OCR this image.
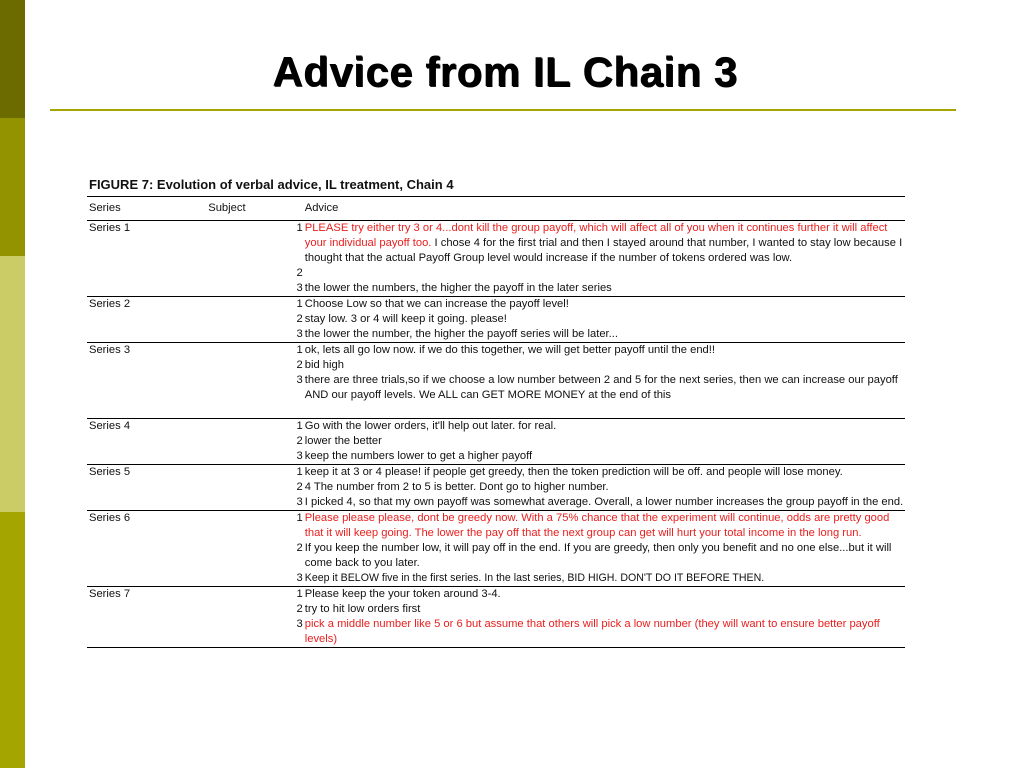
Advice from IL Chain 3
FIGURE 7: Evolution of verbal advice, IL treatment, Chain 4
Series	Subject	Advice
Series 1	1	PLEASE try either try 3 or 4...dont kill the group payoff, which will affect all of you when it continues further it will affect your individual payoff too. I chose 4 for the first trial and then I stayed around that number, I wanted to stay low because I thought that the actual Payoff Group level would increase if the number of tokens ordered was low.
	2	
	3	the lower the numbers, the higher the payoff in the later series
Series 2	1	Choose Low so that we can increase the payoff level!
	2	stay low. 3 or 4 will keep it going. please!
	3	the lower the number, the higher the payoff series will be later...
Series 3	1	ok, lets all go low now. if we do this together, we will get better payoff until the end!!
	2	bid high
	3	there are three trials,so if we choose a low number between 2 and 5 for the next series, then we can increase our payoff AND our payoff levels. We ALL can GET MORE MONEY at the end of this

Series 4	1	Go with the lower orders, it'll help out later. for real.
	2	lower the better
	3	keep the numbers lower to get a higher payoff
Series 5	1	keep it at 3 or 4 please! if people get greedy, then the token prediction will be off. and people will lose money.
	2	4 The number from 2 to 5 is better. Dont go to higher number.
	3	I picked 4, so that my own payoff was somewhat average. Overall, a lower number increases the group payoff in the end.
Series 6	1	Please please please, dont be greedy now. With a 75% chance that the experiment will continue, odds are pretty good that it will keep going. The lower the pay off that the next group can get will hurt your total income in the long run.
	2	If you keep the number low, it will pay off in the end. If you are greedy, then only you benefit and no one else...but it will come back to you later.
	3	Keep it BELOW five in the first series. In the last series, BID HIGH. DON'T DO IT BEFORE THEN.
Series 7	1	Please keep the your token around 3-4.
	2	try to hit low orders first
	3	pick a middle number like 5 or 6 but assume that others will pick a low number (they will want to ensure better payoff levels)
